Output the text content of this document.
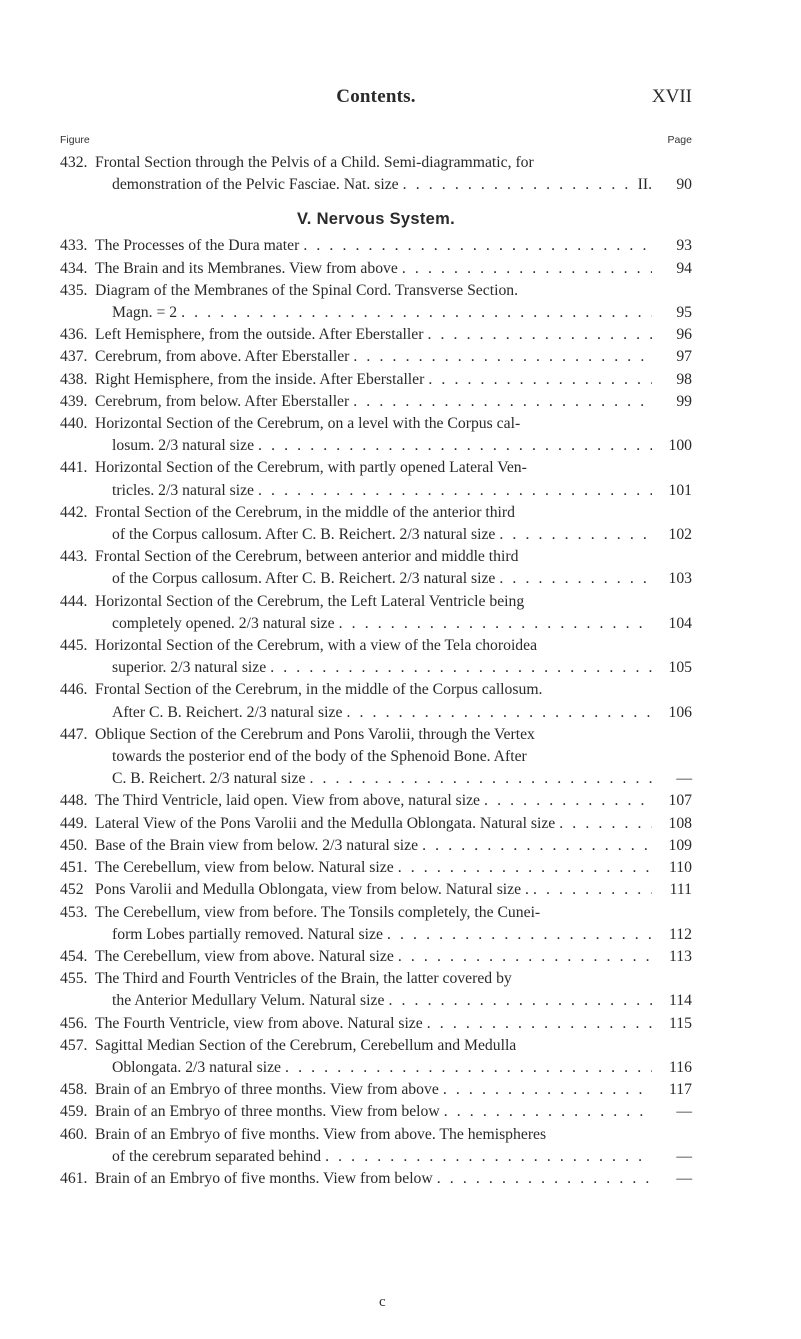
Contents.	XVII
Figure	Page
432. Frontal Section through the Pelvis of a Child. Semi-diagrammatic, for
demonstration of the Pelvic Fasciae. Nat. size . . .	II. 90
V. Nervous System.
433. The Processes of the Dura mater . . .	93
434. The Brain and its Membranes. View from above . . .	94
435. Diagram of the Membranes of the Spinal Cord. Transverse Section.
Magn. = 2 . . .	95
436. Left Hemisphere, from the outside. After Eberstaller . . .	96
437. Cerebrum, from above. After Eberstaller . . .	97
438. Right Hemisphere, from the inside. After Eberstaller . . .	98
439. Cerebrum, from below. After Eberstaller . . .	99
440. Horizontal Section of the Cerebrum, on a level with the Corpus cal-
losum. 2/3 natural size . . .	100
441. Horizontal Section of the Cerebrum, with partly opened Lateral Ven-
tricles. 2/3 natural size . . .	101
442. Frontal Section of the Cerebrum, in the middle of the anterior third
of the Corpus callosum. After C. B. Reichert. 2/3 natural size . . .	102
443. Frontal Section of the Cerebrum, between anterior and middle third
of the Corpus callosum. After C. B. Reichert. 2/3 natural size . . .	103
444. Horizontal Section of the Cerebrum, the Left Lateral Ventricle being
completely opened. 2/3 natural size . . .	104
445. Horizontal Section of the Cerebrum, with a view of the Tela choroidea
superior. 2/3 natural size . . .	105
446. Frontal Section of the Cerebrum, in the middle of the Corpus callosum.
After C. B. Reichert. 2/3 natural size . . .	106
447. Oblique Section of the Cerebrum and Pons Varolii, through the Vertex
towards the posterior end of the body of the Sphenoid Bone. After
C. B. Reichert. 2/3 natural size . . .	—
448. The Third Ventricle, laid open. View from above, natural size . . .	107
449. Lateral View of the Pons Varolii and the Medulla Oblongata. Natural size . . .	108
450. Base of the Brain view from below. 2/3 natural size . . .	109
451. The Cerebellum, view from below. Natural size . . .	110
452 Pons Varolii and Medulla Oblongata, view from below. Natural size . . . .	111
453. The Cerebellum, view from before. The Tonsils completely, the Cunei-
form Lobes partially removed. Natural size . . .	112
454. The Cerebellum, view from above. Natural size . . .	113
455. The Third and Fourth Ventricles of the Brain, the latter covered by
the Anterior Medullary Velum. Natural size . . .	114
456. The Fourth Ventricle, view from above. Natural size . . .	115
457. Sagittal Median Section of the Cerebrum, Cerebellum and Medulla
Oblongata. 2/3 natural size . . .	116
458. Brain of an Embryo of three months. View from above . . .	117
459. Brain of an Embryo of three months. View from below . . .	—
460. Brain of an Embryo of five months. View from above. The hemispheres
of the cerebrum separated behind . . .	—
461. Brain of an Embryo of five months. View from below . . .	—
c
